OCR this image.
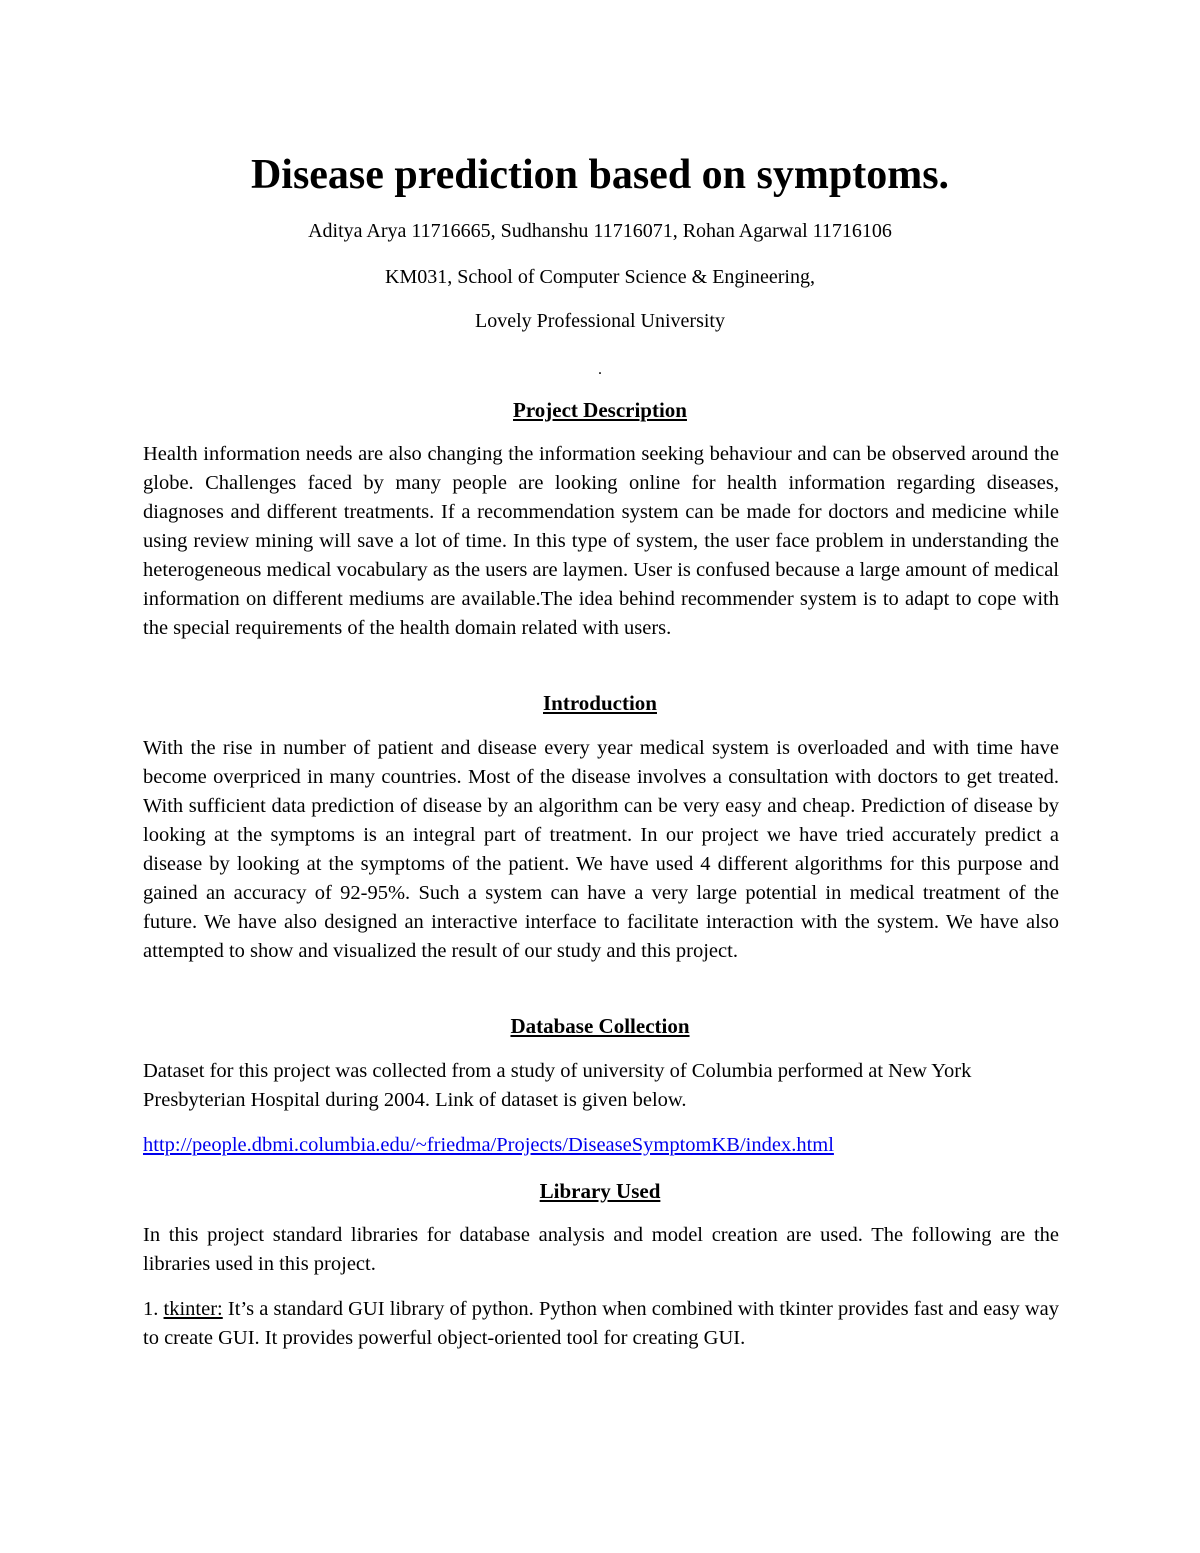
Disease prediction based on symptoms.
Aditya Arya 11716665, Sudhanshu 11716071, Rohan Agarwal 11716106
KM031, School of Computer Science & Engineering,
Lovely Professional University
.
Project Description

Health information needs are also changing the information seeking behaviour and can be observed around the globe. Challenges faced by many people are looking online for health information regarding diseases, diagnoses and different treatments. If a recommendation system can be made for doctors and medicine while using review mining will save a lot of time. In this type of system, the user face problem in understanding the heterogeneous medical vocabulary as the users are laymen. User is confused because a large amount of medical information on different mediums are available.The idea behind recommender system is to adapt to cope with the special requirements of the health domain related with users.

Introduction

With the rise in number of patient and disease every year medical system is overloaded and with time have become overpriced in many countries. Most of the disease involves a consultation with doctors to get treated. With sufficient data prediction of disease by an algorithm can be very easy and cheap. Prediction of disease by looking at the symptoms is an integral part of treatment. In our project we have tried accurately predict a disease by looking at the symptoms of the patient. We have used 4 different algorithms for this purpose and gained an accuracy of 92-95%. Such a system can have a very large potential in medical treatment of the future. We have also designed an interactive interface to facilitate interaction with the system. We have also attempted to show and visualized the result of our study and this project.

Database Collection

Dataset for this project was collected from a study of university of Columbia performed at New York Presbyterian Hospital during 2004. Link of dataset is given below.

http://people.dbmi.columbia.edu/~friedma/Projects/DiseaseSymptomKB/index.html
Library Used

In this project standard libraries for database analysis and model creation are used. The following are the libraries used in this project.

1. tkinter: It’s a standard GUI library of python. Python when combined with tkinter provides fast and easy way to create GUI. It provides powerful object-oriented tool for creating GUI.
